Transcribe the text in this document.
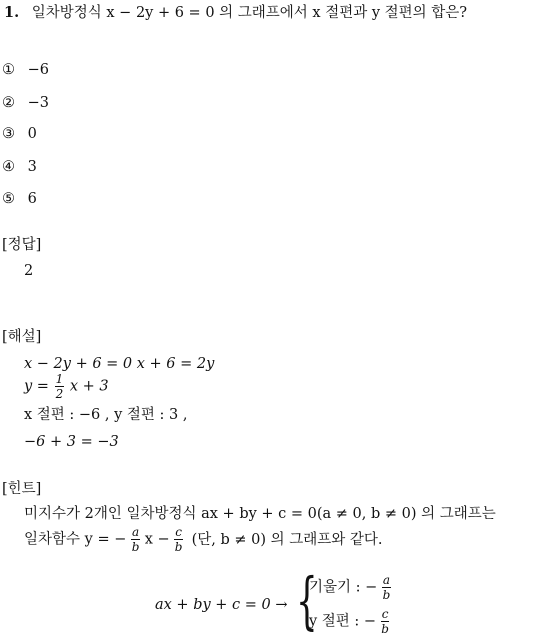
1. 일차방정식 x − 2y + 6 = 0 의 그래프에서 x 절편과 y 절편의 합은?
① −6
② −3
③ 0
④ 3
⑤ 6
[정답]
2
[해설]
x − 2y + 6 = 0 x + 6 = 2y
$y = \frac{1}{2}$ x + 3
x 절편 : −6 , y 절편 : 3 ,
−6 + 3 = −3
[힌트]
미지수가 2개인 일차방정식 ax + by + c = 0(a ≠ 0, b ≠ 0) 의 그래프는
일차함수 y = − $\frac{a}{b}$ $x - \frac{c}{b}$ (단, b ≠ 0) 의 그래프와 같다.
ax + by + c = 0 → {
기울기 : − $\frac{a}{b}$
y 절편 : − $\frac{c}{b}$
